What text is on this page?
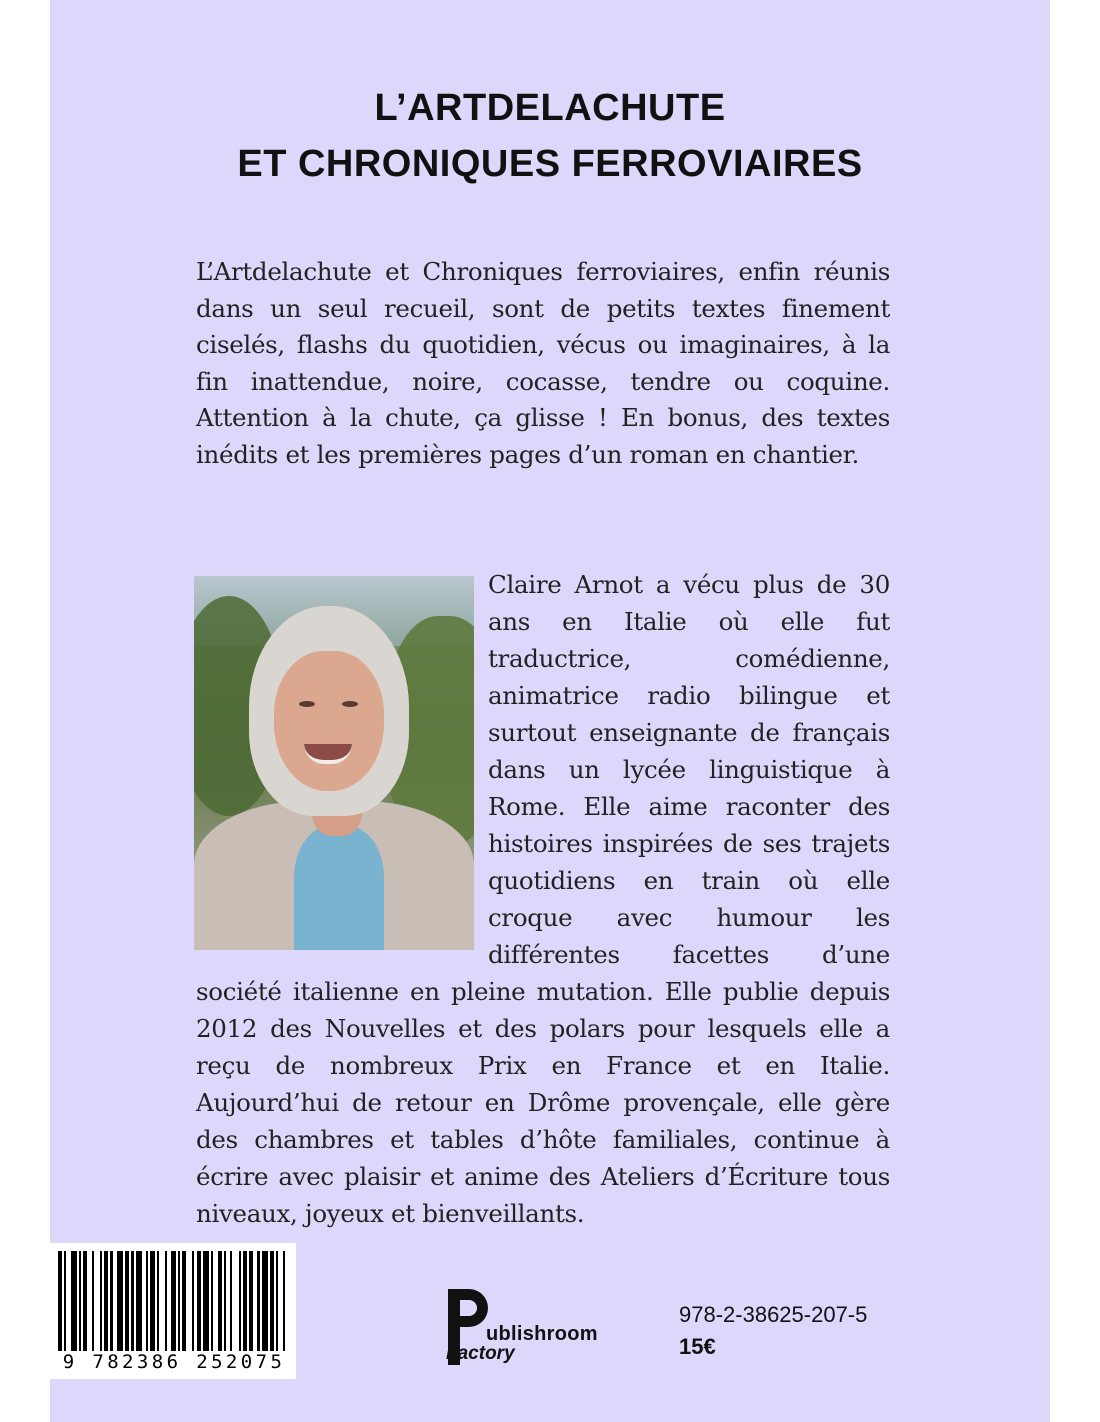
L’ARTDELACHUTE
ET CHRONIQUES FERROVIAIRES
L’Artdelachute et Chroniques ferroviaires, enfin réunis dans un seul recueil, sont de petits textes finement ciselés, flashs du quotidien, vécus ou imaginaires, à la fin inattendue, noire, cocasse, tendre ou coquine. Attention à la chute, ça glisse ! En bonus, des textes inédits et les premières pages d’un roman en chantier.
Claire Arnot a vécu plus de 30 ans en Italie où elle fut traductrice, comédienne, animatrice radio bilingue et surtout enseignante de français dans un lycée linguistique à Rome. Elle aime raconter des histoires inspirées de ses trajets quotidiens en train où elle croque avec humour les différentes facettes d’une société italienne en pleine mutation. Elle publie depuis 2012 des Nouvelles et des polars pour lesquels elle a reçu de nombreux Prix en France et en Italie. Aujourd’hui de retour en Drôme provençale, elle gère des chambres et tables d’hôte familiales, continue à écrire avec plaisir et anime des Ateliers d’Écriture tous niveaux, joyeux et bienveillants.
9 782386 252075
ublishroom
Factory
978-2-38625-207-5
15€
